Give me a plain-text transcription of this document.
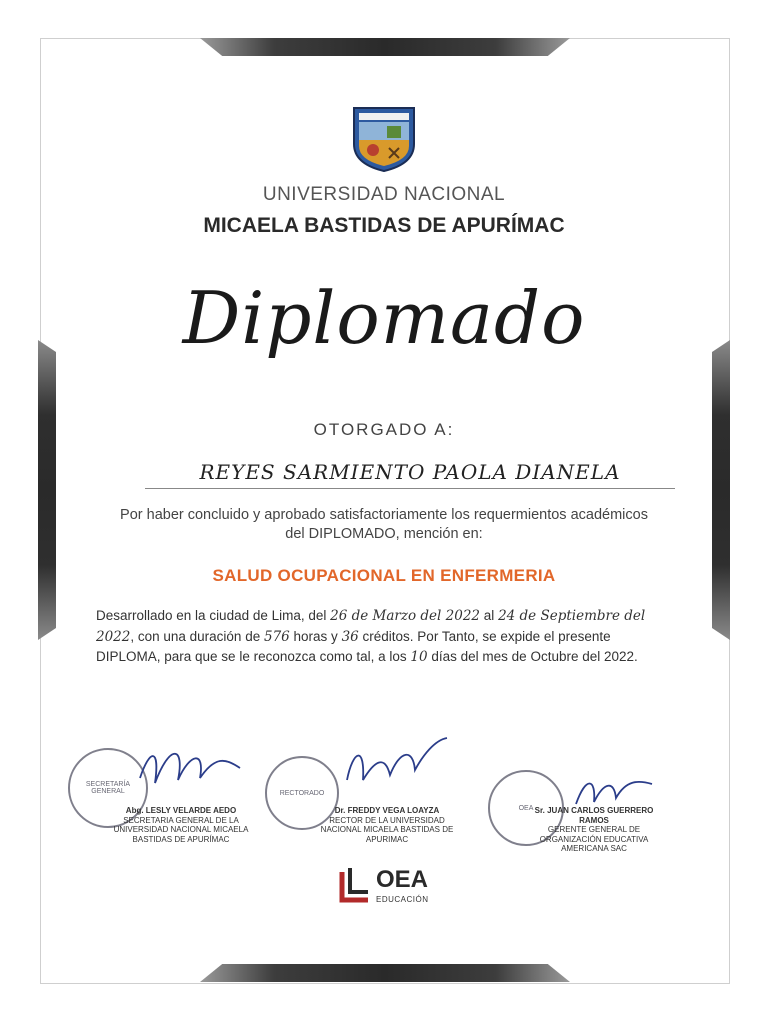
UNIVERSIDAD NACIONAL
MICAELA BASTIDAS DE APURÍMAC
Diplomado
OTORGADO A:
REYES SARMIENTO PAOLA DIANELA
Por haber concluido y aprobado satisfactoriamente los requermientos académicos del DIPLOMADO, mención en:
SALUD OCUPACIONAL EN ENFERMERIA
Desarrollado en la ciudad de Lima, del 26 de Marzo del 2022 al 24 de Septiembre del 2022, con una duración de 576 horas y 36 créditos. Por Tanto, se expide el presente DIPLOMA, para que se le reconozca como tal, a los 10 días del mes de Octubre del 2022.
SECRETARÍA GENERAL
Abg. LESLY VELARDE AEDO
SECRETARIA GENERAL DE LA UNIVERSIDAD NACIONAL MICAELA BASTIDAS DE APURÍMAC
RECTORADO
Dr. FREDDY VEGA LOAYZA
RECTOR DE LA UNIVERSIDAD NACIONAL MICAELA BASTIDAS DE APURIMAC
OEA Sr. JUAN CARLOS GUERRERO RAMOS
GERENTE GENERAL DE ORGANIZACIÓN EDUCATIVA AMERICANA SAC
OEA
EDUCACIÓN
